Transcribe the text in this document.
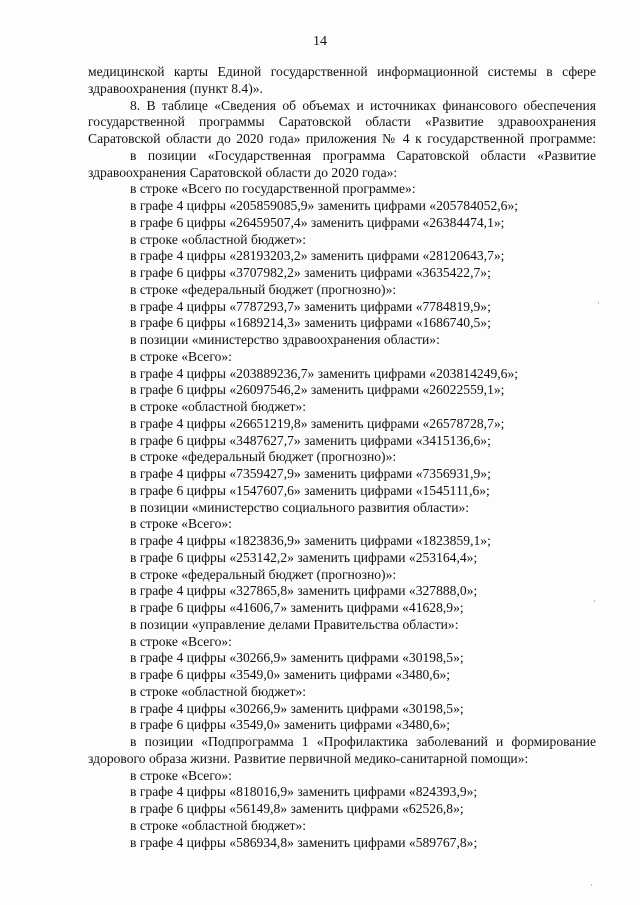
14
медицинской карты Единой государственной информационной системы в сфере
здравоохранения (пункт 8.4)».
8. В таблице «Сведения об объемах и источниках финансового обеспечения
государственной программы Саратовской области «Развитие здравоохранения
Саратовской области до 2020 года» приложения № 4 к государственной программе:
в позиции «Государственная программа Саратовской области «Развитие
здравоохранения Саратовской области до 2020 года»:
в строке «Всего по государственной программе»:
в графе 4 цифры «205859085,9» заменить цифрами «205784052,6»;
в графе 6 цифры «26459507,4» заменить цифрами «26384474,1»;
в строке «областной бюджет»:
в графе 4 цифры «28193203,2» заменить цифрами «28120643,7»;
в графе 6 цифры «3707982,2» заменить цифрами «3635422,7»;
в строке «федеральный бюджет (прогнозно)»:
в графе 4 цифры «7787293,7» заменить цифрами «7784819,9»;
в графе 6 цифры «1689214,3» заменить цифрами «1686740,5»;
в позиции «министерство здравоохранения области»:
в строке «Всего»:
в графе 4 цифры «203889236,7» заменить цифрами «203814249,6»;
в графе 6 цифры «26097546,2» заменить цифрами «26022559,1»;
в строке «областной бюджет»:
в графе 4 цифры «26651219,8» заменить цифрами «26578728,7»;
в графе 6 цифры «3487627,7» заменить цифрами «3415136,6»;
в строке «федеральный бюджет (прогнозно)»:
в графе 4 цифры «7359427,9» заменить цифрами «7356931,9»;
в графе 6 цифры «1547607,6» заменить цифрами «1545111,6»;
в позиции «министерство социального развития области»:
в строке «Всего»:
в графе 4 цифры «1823836,9» заменить цифрами «1823859,1»;
в графе 6 цифры «253142,2» заменить цифрами «253164,4»;
в строке «федеральный бюджет (прогнозно)»:
в графе 4 цифры «327865,8» заменить цифрами «327888,0»;
в графе 6 цифры «41606,7» заменить цифрами «41628,9»;
в позиции «управление делами Правительства области»:
в строке «Всего»:
в графе 4 цифры «30266,9» заменить цифрами «30198,5»;
в графе 6 цифры «3549,0» заменить цифрами «3480,6»;
в строке «областной бюджет»:
в графе 4 цифры «30266,9» заменить цифрами «30198,5»;
в графе 6 цифры «3549,0» заменить цифрами «3480,6»;
в позиции «Подпрограмма 1 «Профилактика заболеваний и формирование
здорового образа жизни. Развитие первичной медико-санитарной помощи»:
в строке «Всего»:
в графе 4 цифры «818016,9» заменить цифрами «824393,9»;
в графе 6 цифры «56149,8» заменить цифрами «62526,8»;
в строке «областной бюджет»:
в графе 4 цифры «586934,8» заменить цифрами «589767,8»;
·
·
·
